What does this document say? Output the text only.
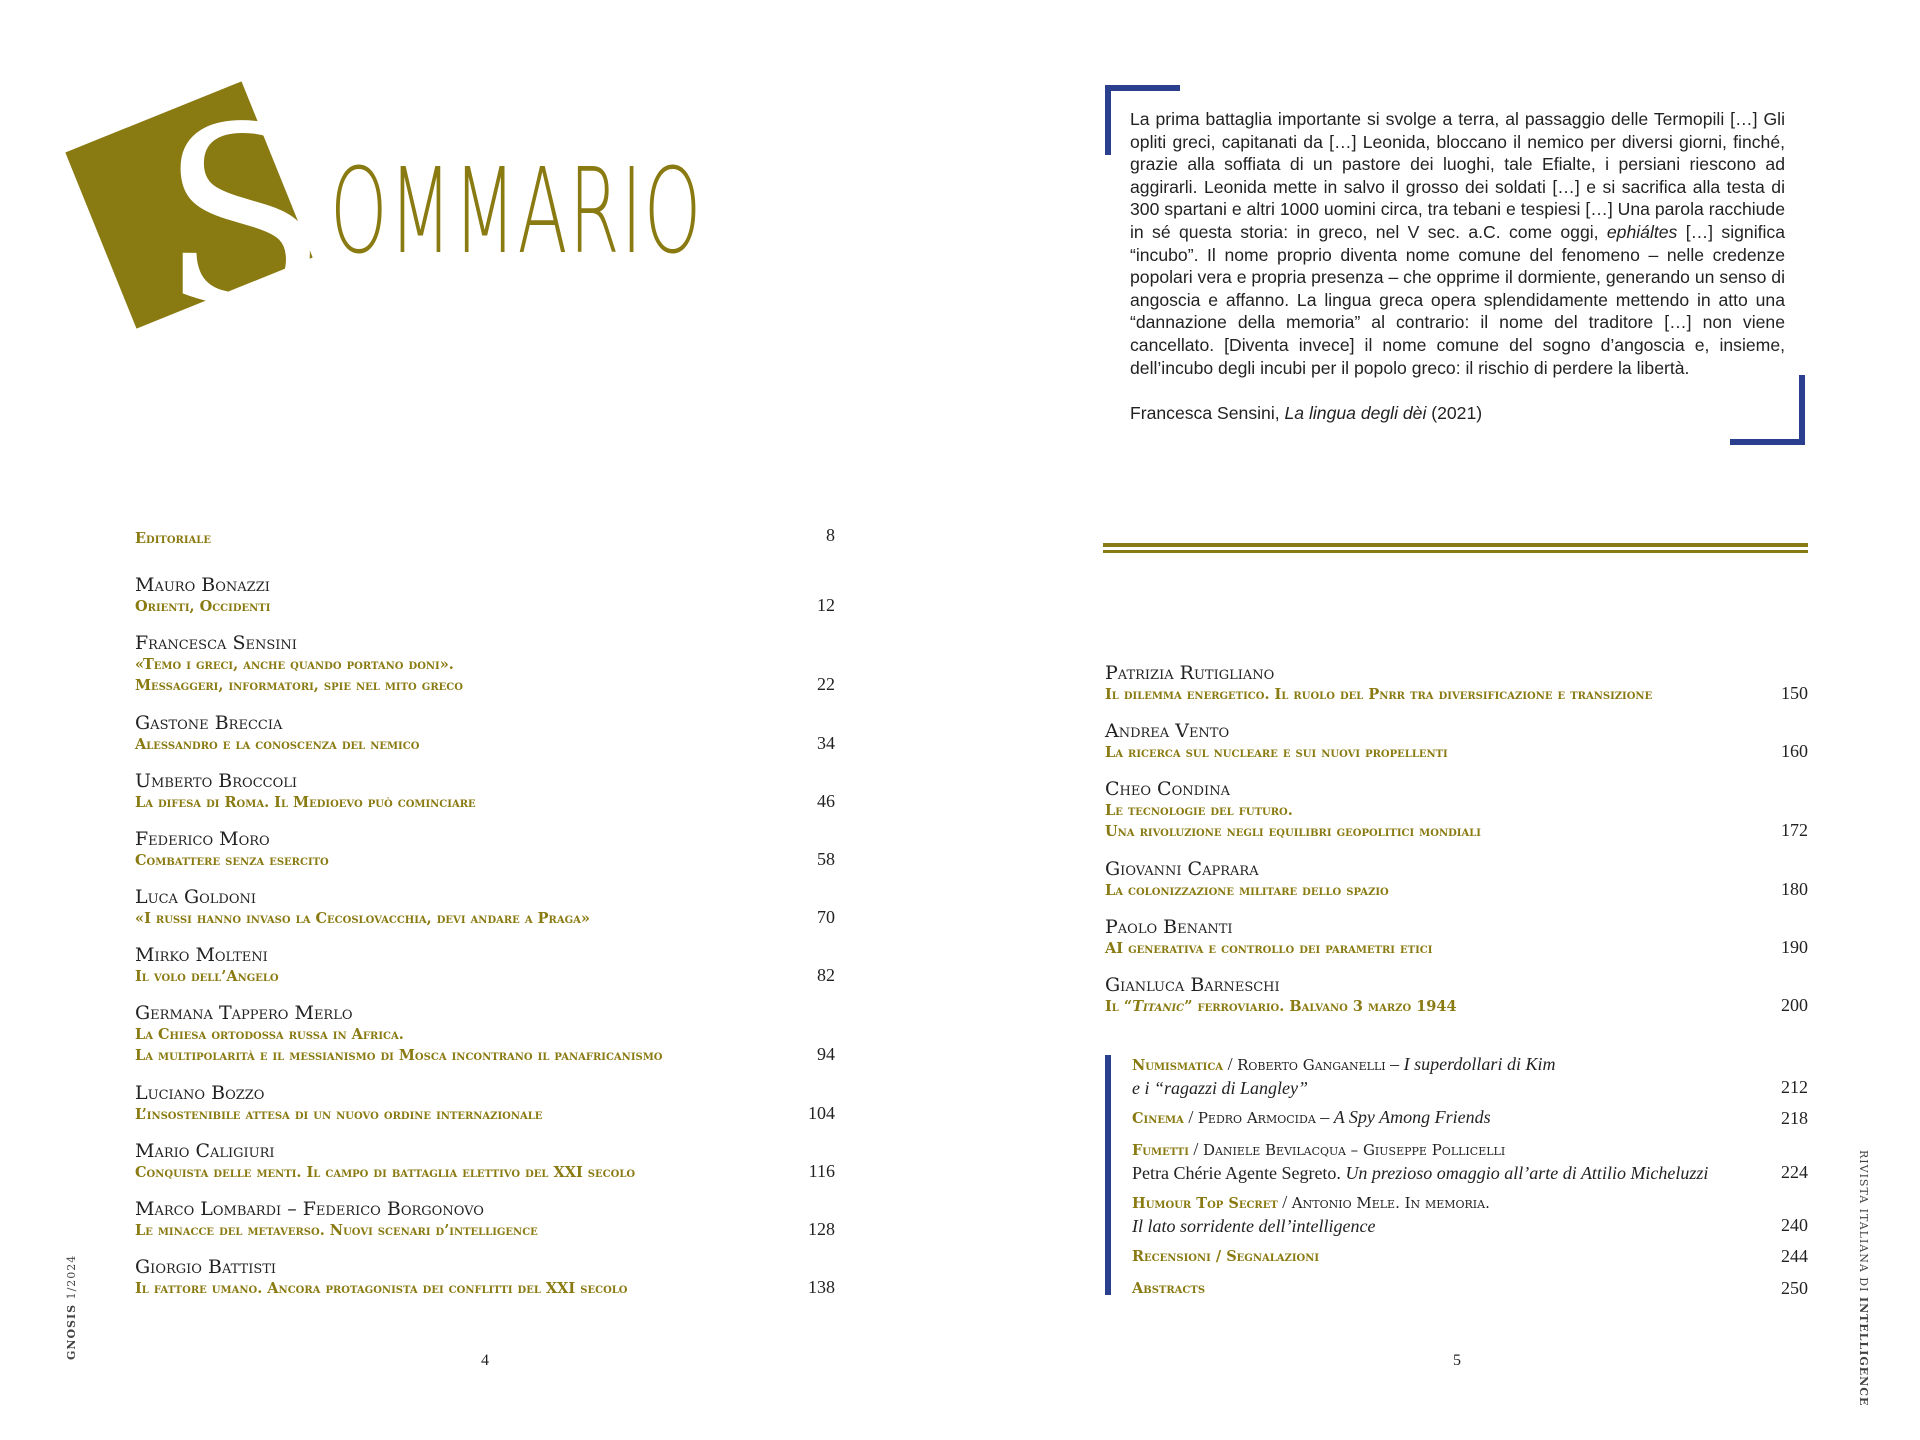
S OMMARIO

La prima battaglia importante si svolge a terra, al passaggio delle Termopili […] Gli opliti greci, capitanati da […] Leonida, bloccano il nemico per diversi giorni, finché, grazie alla soffiata di un pastore dei luoghi, tale Efialte, i persiani riescono ad aggirarli. Leonida mette in salvo il grosso dei soldati […] e si sacrifica alla testa di 300 spartani e altri 1000 uomini circa, tra tebani e tespiesi […] Una parola racchiude in sé questa storia: in greco, nel V sec. a.C. come oggi, ephiáltes […] significa “incubo”. Il nome proprio diventa nome comune del fenomeno – nelle credenze popolari vera e propria presenza – che opprime il dormiente, generando un senso di angoscia e affanno. La lingua greca opera splendidamente mettendo in atto una “dannazione della memoria” al contrario: il nome del traditore […] non viene cancellato. [Diventa invece] il nome comune del sogno d’angoscia e, insieme, dell’incubo degli incubi per il popolo greco: il rischio di perdere la libertà.

Francesca Sensini, La lingua degli dèi (2021)

Editoriale	8
Mauro Bonazzi
Orienti, Occidenti	12
Francesca Sensini
«Temo i greci, anche quando portano doni».
Messaggeri, informatori, spie nel mito greco	22
Gastone Breccia
Alessandro e la conoscenza del nemico	34
Umberto Broccoli
La difesa di Roma. Il Medioevo può cominciare	46
Federico Moro
Combattere senza esercito	58
Luca Goldoni
«I russi hanno invaso la Cecoslovacchia, devi andare a Praga»	70
Mirko Molteni
Il volo dell’Angelo	82
Germana Tappero Merlo
La Chiesa ortodossa russa in Africa.
La multipolarità e il messianismo di Mosca incontrano il panafricanismo	94
Luciano Bozzo
L’insostenibile attesa di un nuovo ordine internazionale	104
Mario Caligiuri
Conquista delle menti. Il campo di battaglia elettivo del XXI secolo	116
Marco Lombardi – Federico Borgonovo
Le minacce del metaverso. Nuovi scenari d’intelligence	128
Giorgio Battisti
Il fattore umano. Ancora protagonista dei conflitti del XXI secolo	138
Patrizia Rutigliano
Il dilemma energetico. Il ruolo del Pnrr tra diversificazione e transizione	150
Andrea Vento
La ricerca sul nucleare e sui nuovi propellenti	160
Cheo Condina
Le tecnologie del futuro.
Una rivoluzione negli equilibri geopolitici mondiali	172
Giovanni Caprara
La colonizzazione militare dello spazio	180
Paolo Benanti
AI generativa e controllo dei parametri etici	190
Gianluca Barneschi
Il “Titanic” ferroviario. Balvano 3 marzo 1944	200
Numismatica / Roberto Ganganelli – I superdollari di Kim
e i “ragazzi di Langley”	212
Cinema / Pedro Armocida – A Spy Among Friends	218
Fumetti / Daniele Bevilacqua – Giuseppe Pollicelli
Petra Chérie Agente Segreto. Un prezioso omaggio all’arte di Attilio Micheluzzi	224
Humour Top Secret / Antonio Mele. In memoria.
Il lato sorridente dell’intelligence	240
Recensioni / Segnalazioni	244
Abstracts	250
4	5
GNOSIS 1/2024	RIVISTA ITALIANA DI INTELLIGENCE
